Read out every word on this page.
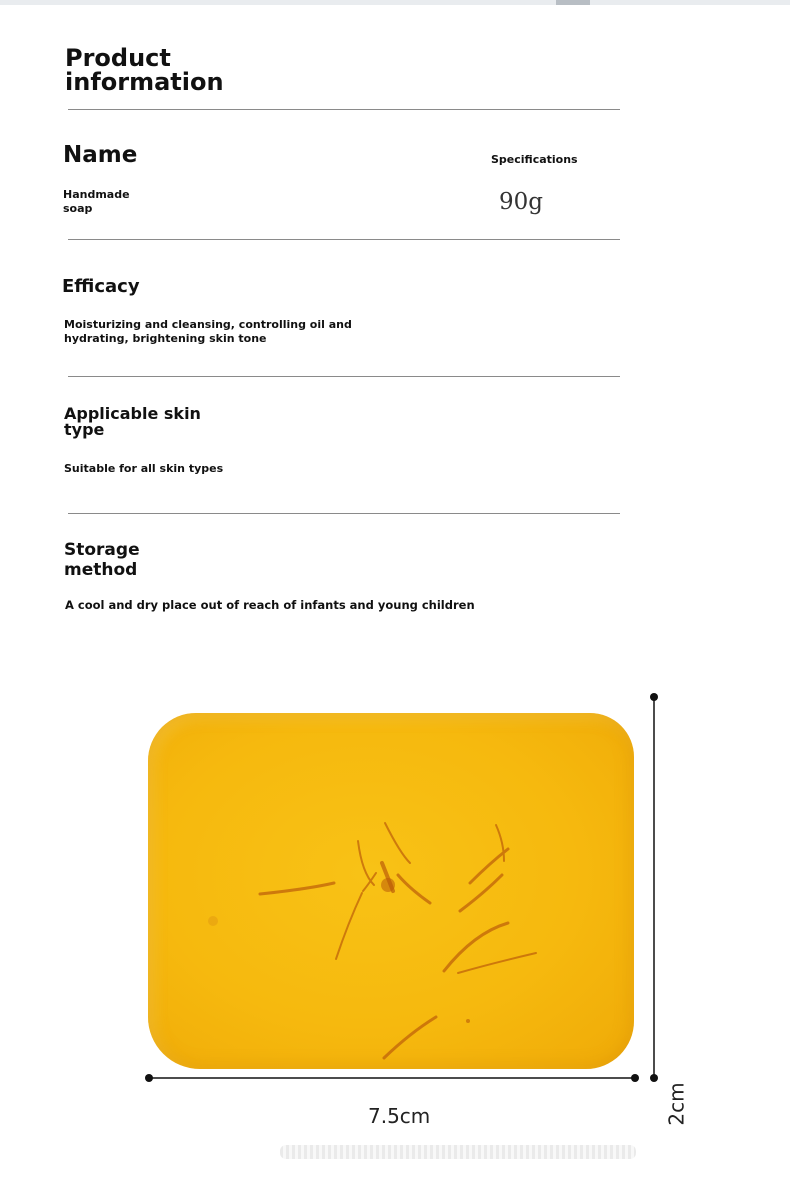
Product information
Name
Handmade soap
Specifications
90g
Efficacy
Moisturizing and cleansing, controlling oil and hydrating, brightening skin tone
Applicable skin type
Suitable for all skin types
Storage method
A cool and dry place out of reach of infants and young children
7.5cm	2cm
